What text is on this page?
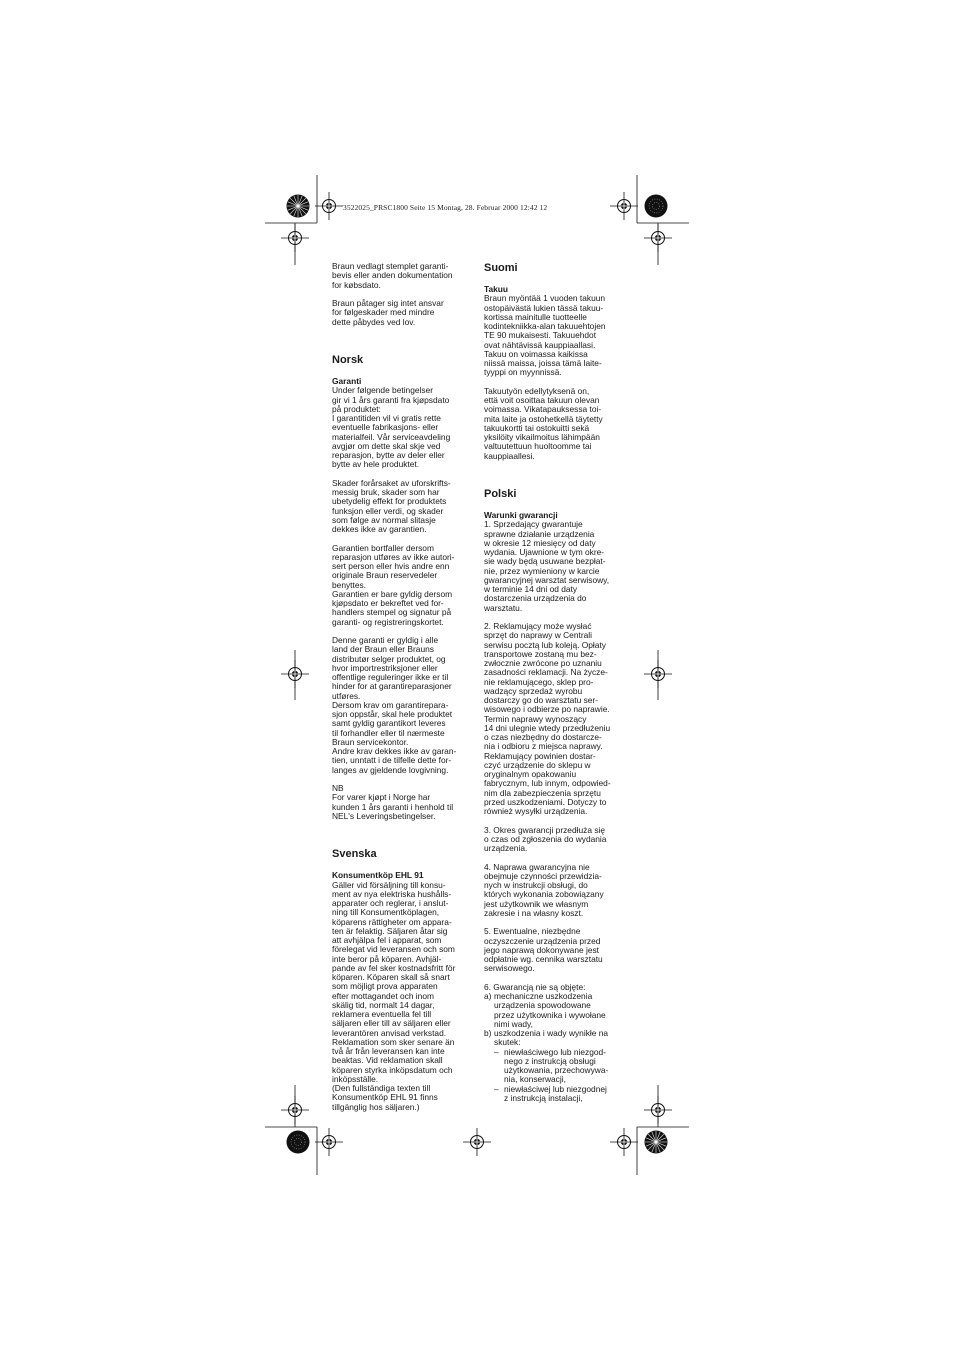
3522025_PRSC1800 Seite 15 Montag, 28. Februar 2000 12:42 12

Braun vedlagt stemplet garanti-
bevis eller anden dokumentation
for købsdato.

Braun påtager sig intet ansvar
for følgeskader med mindre
dette påbydes ved lov.

Norsk
Garanti

Under følgende betingelser
gir vi 1 års garanti fra kjøpsdato
på produktet:
I garantitiden vil vi gratis rette
eventuelle fabrikasjons- eller
materialfeil. Vår serviceavdeling
avgjør om dette skal skje ved
reparasjon, bytte av deler eller
bytte av hele produktet.

Skader forårsaket av uforskrifts-
messig bruk, skader som har
ubetydelig effekt for produktets
funksjon eller verdi, og skader
som følge av normal slitasje
dekkes ikke av garantien.

Garantien bortfaller dersom
reparasjon utføres av ikke autori-
sert person eller hvis andre enn
originale Braun reservedeler
benyttes.
Garantien er bare gyldig dersom
kjøpsdato er bekreftet ved for-
handlers stempel og signatur på
garanti- og registreringskortet.

Denne garanti er gyldig i alle
land der Braun eller Brauns
distributør selger produktet, og
hvor importrestriksjoner eller
offentlige reguleringer ikke er til
hinder for at garantireparasjoner
utføres.
Dersom krav om garantirepara-
sjon oppstår, skal hele produktet
samt gyldig garantikort leveres
til forhandler eller til nærmeste
Braun servicekontor.
Andre krav dekkes ikke av garan-
tien, unntatt i de tilfelle dette for-
langes av gjeldende lovgivning.

NB
For varer kjøpt i Norge har
kunden 1 års garanti i henhold til
NEL's Leveringsbetingelser.

Svenska
Konsumentköp EHL 91

Gäller vid försäljning till konsu-
ment av nya elektriska hushålls-
apparater och reglerar, i anslut-
ning till Konsumentköplagen,
köparens rättigheter om appara-
ten är felaktig. Säljaren åtar sig
att avhjälpa fel i apparat, som
förelegat vid leveransen och som
inte beror på köparen. Avhjäl-
pande av fel sker kostnadsfritt för
köparen. Köparen skall så snart
som möjligt prova apparaten
efter mottagandet och inom
skälig tid, normalt 14 dagar,
reklamera eventuella fel till
säljaren eller till av säljaren eller
leverantören anvisad verkstad.
Reklamation som sker senare än
två år från leveransen kan inte
beaktas. Vid reklamation skall
köparen styrka inköpsdatum och
inköpsställe.
(Den fullständiga texten till
Konsumentköp EHL 91 finns
tillgänglig hos säljaren.)

Suomi
Takuu

Braun myöntää 1 vuoden takuun
ostopäivästä lukien tässä takuu-
kortissa mainitulle tuotteelle
kodintekniikka-alan takuuehtojen
TE 90 mukaisesti. Takuuehdot
ovat nähtävissä kauppiaallasi.
Takuu on voimassa kaikissa
niissä maissa, joissa tämä laite-
tyyppi on myynnissä.

Takuutyön edellytyksenä on,
että voit osoittaa takuun olevan
voimassa. Vikatapauksessa toi-
mita laite ja ostohetkellä täytetty
takuukortti tai ostokuitti sekä
yksilöity vikailmoitus lähimpään
valtuutettuun huoltoomme tai
kauppiaallesi.

Polski
Warunki gwarancji

1. Sprzedający gwarantuje
sprawne działanie urządzenia
w okresie 12 miesięcy od daty
wydania. Ujawnione w tym okre-
sie wady będą usuwane bezpłat-
nie, przez wymieniony w karcie
gwarancyjnej warsztat serwisowy,
w terminie 14 dni od daty
dostarczenia urządzenia do
warsztatu.

2. Reklamujący może wysłać
sprzęt do naprawy w Centrali
serwisu pocztą lub koleją. Opłaty
transportowe zostaną mu bez-
zwłocznie zwrócone po uznaniu
zasadności reklamacji. Na życze-
nie reklamującego, sklep pro-
wadzący sprzedaż wyrobu
dostarczy go do warsztatu ser-
wisowego i odbierze po naprawie.
Termin naprawy wynoszący
14 dni ulegnie wtedy przedłużeniu
o czas niezbędny do dostarcze-
nia i odbioru z miejsca naprawy.
Reklamujący powinien dostar-
czyć urządzenie do sklepu w
oryginalnym opakowaniu
fabrycznym, lub innym, odpowied-
nim dla zabezpieczenia sprzętu
przed uszkodzeniami. Dotyczy to
również wysyłki urządzenia.

3. Okres gwarancji przedłuża się
o czas od zgłoszenia do wydania
urządzenia.

4. Naprawa gwarancyjna nie
obejmuje czynności przewidzia-
nych w instrukcji obsługi, do
których wykonania zobowiązany
jest użytkownik we własnym
zakresie i na własny koszt.

5. Ewentualne, niezbędne
oczyszczenie urządzenia przed
jego naprawą dokonywane jest
odpłatnie wg. cennika warsztatu
serwisowego.

6. Gwarancją nie są objęte:

a) mechaniczne uszkodzenia
urządzenia spowodowane
przez użytkownika i wywołane
nimi wady,
b) uszkodzenia i wady wynikłe na
skutek:
– niewłaściwego lub niezgod-
nego z instrukcją obsługi
użytkowania, przechowywa-
nia, konserwacji,
– niewłaściwej lub niezgodnej
z instrukcją instalacji,
